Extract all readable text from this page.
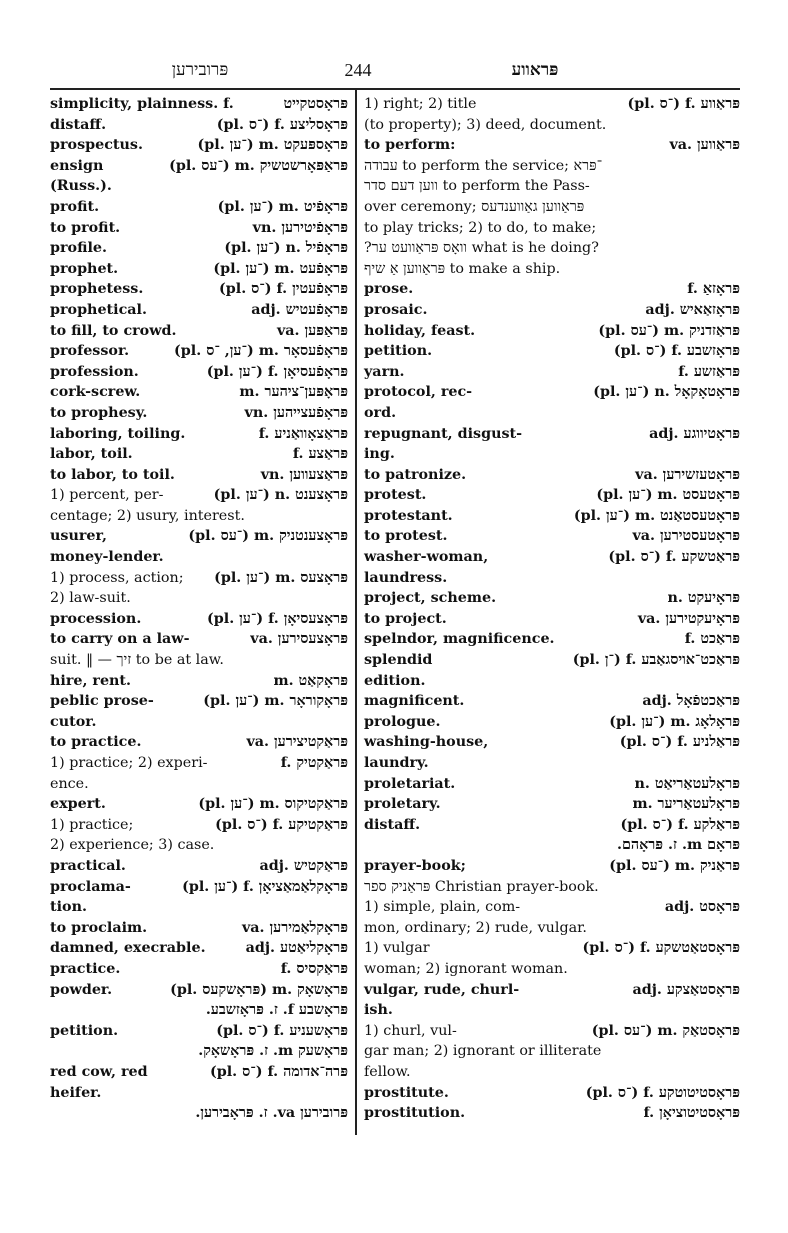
פּרובירען	244	פּראווע
simplicity, plainness. f.	פּראָסטקייט
distaff.	(pl. ־ס) f. פּראָסליצע
prospectus.	(pl. ־ען) m. פּראָספּעקט
ensign	(pl. ־עס) m. פּראַפּאָרשטשיק
(Russ.).
profit.	(pl. ־ען) m. פּראָפֿיט
to profit.	vn. פּראָפֿיטירען
profile.	(pl. ־ען) n. פּראָפֿיל
prophet.	(pl. ־ען) m. פּראָפֿעט
prophetess.	(pl. ־ס) f. פּראָפֿעטין
prophetical.	adj. פּראָפֿעטיש
to fill, to crowd.	va. פּראַפּען
professor.	(pl. ־ען, ־ס) m. פּראָפֿעסאָר
profession.	(pl. ־ען) f. פּראָפֿעסיאָן
cork-screw.	m. פּראָפּען־ציהער
to prophesy.	vn. פּראָפֿעצייהען
laboring, toiling.	f. פּראַצאָוואַניע
labor, toil.	f. פּראַצע
to labor, to toil.	vn. פּראַצעווען
1) percent, per-	(pl. ־ען) n. פּראָצענט
centage; 2) usury, interest.
usurer,	(pl. ־עס) m. פּראָצענטניק
money-lender.
1) process, action; (pl. ־ען) m. פּראָצעס
2) law-suit.
procession.	(pl. ־ען) f. פּראָצעסיאָן
to carry on a law-	va. פּראָצעסירען
suit. ‖ — זיך to be at law.
hire, rent.	m. פּראָקאַט
peblic prose-	(pl. ־ען) m. פּראָקוראָר
cutor.
to practice.	va. פּראַקטיצירען
1) practice; 2) experi-	f. פּראַקטיק
ence.
expert.	(pl. ־ען) m. פּראַקטיקוס
1) practice;	(pl. ־ס) f. פּראַקטיקע
2) experience; 3) case.
practical.	adj. פּראַקטיש
proclama-	(pl. ־ען) f. פּראָקלאַמאַציאָן
tion.
to proclaim.	va. פּראָקלאַמירען
damned, execrable.	adj. פּראָקליאַטע
practice.	f. פּראַקסיס
powder.	(pl. פּראָשקעס) m. פּראָשאָק
פּראָשבע f. ז. פּראָזשבע.
petition.	(pl. ־ס) f. פּראָשעניע
פּראָשעק m. ז. פּראָשאָק.
red cow, red	(pl. ־ס) f. פּרה־אדומה
heifer.
פּרובירען va. ז. פּראָבירען.
1) right; 2) title	(pl. ־ס) f. פּראַווע
(to property); 3) deed, document.
to perform:	va. פּראַווען
עבודה to perform the service; ־פּרא
ווען דעם סדר to perform the Pass-
over ceremony; פּראַווען גאַווענדעס
to play tricks; 2) to do, to make;
?וואָס פּראַוועט ער what is he doing?
פּראַווען אַ שיף to make a ship.
prose.	f. פּראָזאַ
prosaic.	adj. פּראָזאַאיש
holiday, feast.	(pl. ־עס) m. פּראַזדניק
petition.	(pl. ־ס) f. פּראָזשבע
yarn.	f. פּראַזשע
protocol, rec-	(pl. ־ען) n. פּראָטאָקאָל
ord.
repugnant, disgust-	adj. פּראָטיווגע
ing.
to patronize.	va. פּראָטעזשירען
protest.	(pl. ־ען) m. פּראָטעסט
protestant.	(pl. ־ען) m. פּראָטעסטאַנט
to protest.	va. פּראָטעסטירען
washer-woman,	(pl. ־ס) f. פּראַטשקע
laundress.
project, scheme.	n. פּראָיעקט
to project.	va. פּראָיעקטירען
spelndor, magnificence.	f. פּראַכט
splendid	(pl. ־ן) f. פּראַכט־אויסגאַבע
edition.
magnificent.	adj. פּראַכטפֿאָל
prologue.	(pl. ־ען) m. פּראָלאָג
washing-house,	(pl. ־ס) f. פּראַלניע
laundry.
proletariat.	n. פּראָלעטאַריאַט
proletary.	m. פּראָלעטאַריער
distaff.	(pl. ־ס) f. פּראַלקע
פּראָם m. ז. פּראָהם.
prayer-book;	(pl. ־עס) m. פּראַניק
פּראַניק ספר Christian prayer-book.
1) simple, plain, com-	adj. פּראָסט
mon, ordinary; 2) rude, vulgar.
1) vulgar	(pl. ־ס) f. פּראָסטאַטשקע
woman; 2) ignorant woman.
vulgar, rude, churl-	adj. פּראָסטאַצקע
ish.
1) churl, vul-	(pl. ־עס) m. פּראָסטאַק
gar man; 2) ignorant or illiterate
fellow.
prostitute.	(pl. ־ס) f. פּראָסטיטוטקע
prostitution.	f. פּראָסטיטוציאָן
